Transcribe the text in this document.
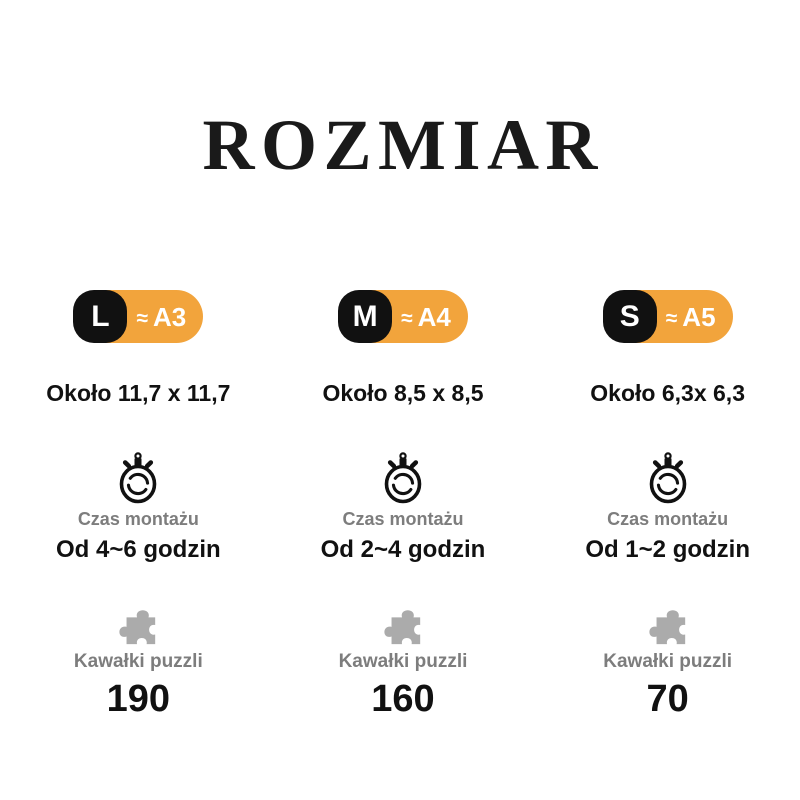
ROZMIAR
L ≈ A3
Około 11,7 x 11,7
Czas montażu
Od 4~6 godzin
Kawałki puzzli
190
M ≈ A4
Około 8,5 x 8,5
Czas montażu
Od 2~4 godzin
Kawałki puzzli
160
S ≈ A5
Około 6,3x 6,3
Czas montażu
Od 1~2 godzin
Kawałki puzzli
70
